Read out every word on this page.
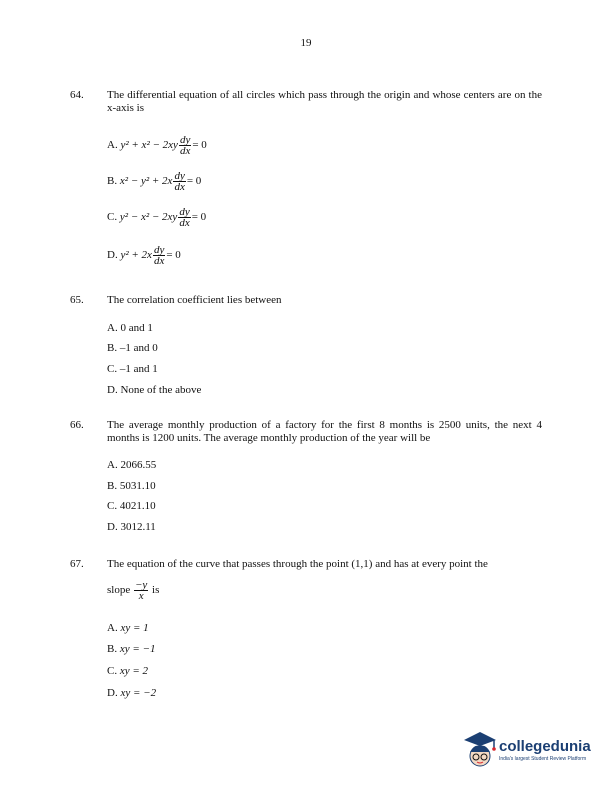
19
64. The differential equation of all circles which pass through the origin and whose centers are on the x-axis is
A. $y^2 + x^2 - 2xy \frac{dy}{dx} = 0$
B. $x^2 - y^2 + 2x \frac{dy}{dx} = 0$
C. $y^2 - x^2 - 2xy \frac{dy}{dx} = 0$
D. $y^2 + 2x \frac{dy}{dx} = 0$
65. The correlation coefficient lies between
A. 0 and 1
B. –1 and 0
C. –1 and 1
D. None of the above
66. The average monthly production of a factory for the first 8 months is 2500 units, the next 4 months is 1200 units. The average monthly production of the year will be
A. 2066.55
B. 5031.10
C. 4021.10
D. 3012.11
67. The equation of the curve that passes through the point (1,1) and has at every point the
slope $\frac{-y}{x}$ is
A. xy = 1
B. xy = −1
C. xy = 2
D. xy = −2
collegedunia
India's largest Student Review Platform
